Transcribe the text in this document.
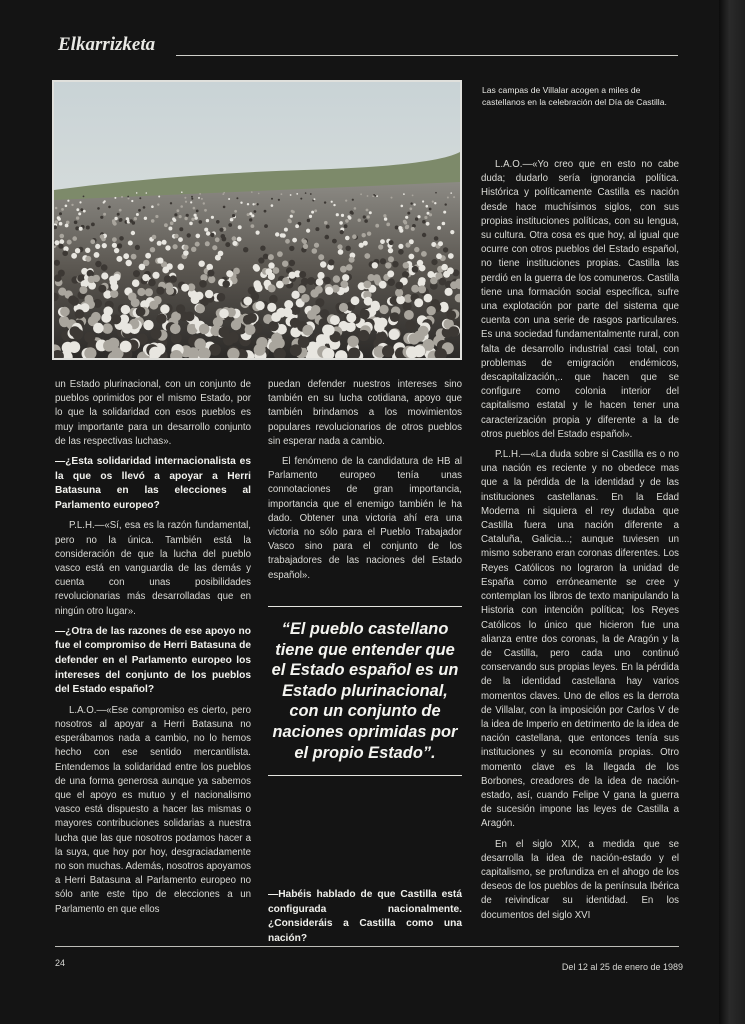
Elkarrizketa
Las campas de Villalar acogen a miles de castellanos en la celebración del Día de Castilla.

un Estado plurinacional, con un conjunto de pueblos oprimidos por el mismo Estado, por lo que la solidaridad con esos pueblos es muy importante para un desarrollo conjunto de las respectivas luchas».

—¿Esta solidaridad internacionalista es la que os llevó a apoyar a Herri Batasuna en las elecciones al Parlamento europeo?

P.L.H.—«Sí, esa es la razón fundamental, pero no la única. También está la consideración de que la lucha del pueblo vasco está en vanguardia de las demás y cuenta con unas posibilidades revolucionarias más desarrolladas que en ningún otro lugar».

—¿Otra de las razones de ese apoyo no fue el compromiso de Herri Batasuna de defender en el Parlamento europeo los intereses del conjunto de los pueblos del Estado español?

L.A.O.—«Ese compromiso es cierto, pero nosotros al apoyar a Herri Batasuna no esperábamos nada a cambio, no lo hemos hecho con ese sentido mercantilista. Entendemos la solidaridad entre los pueblos de una forma generosa aunque ya sabemos que el apoyo es mutuo y el nacionalismo vasco está dispuesto a hacer las mismas o mayores contribuciones solidarias a nuestra lucha que las que nosotros podamos hacer a la suya, que hoy por hoy, desgraciadamente no son muchas. Además, nosotros apoyamos a Herri Batasuna al Parlamento europeo no sólo ante este tipo de elecciones a un Parlamento en que ellos

puedan defender nuestros intereses sino también en su lucha cotidiana, apoyo que también brindamos a los movimientos populares revolucionarios de otros pueblos sin esperar nada a cambio.

El fenómeno de la candidatura de HB al Parlamento europeo tenía unas connotaciones de gran importancia, importancia que el enemigo también le ha dado. Obtener una victoria ahí era una victoria no sólo para el Pueblo Trabajador Vasco sino para el conjunto de los trabajadores de las naciones del Estado español».

“El pueblo castellano tiene que entender que el Estado español es un Estado plurinacional, con un conjunto de naciones oprimidas por el propio Estado”.
—Habéis hablado de que Castilla está configurada nacionalmente. ¿Consideráis a Castilla como una nación?

L.A.O.—«Yo creo que en esto no cabe duda; dudarlo sería ignorancia política. Histórica y políticamente Castilla es nación desde hace muchísimos siglos, con sus propias instituciones políticas, con su lengua, su cultura. Otra cosa es que hoy, al igual que ocurre con otros pueblos del Estado español, no tiene instituciones propias. Castilla las perdió en la guerra de los comuneros. Castilla tiene una formación social específica, sufre una explotación por parte del sistema que cuenta con una serie de rasgos particulares. Es una sociedad fundamentalmente rural, con falta de desarrollo industrial casi total, con problemas de emigración endémicos, descapitalización,.. que hacen que se configure como colonia interior del capitalismo estatal y le hacen tener una caracterización propia y diferente a la de otros pueblos del Estado español».

P.L.H.—«La duda sobre si Castilla es o no una nación es reciente y no obedece mas que a la pérdida de la identidad y de las instituciones castellanas. En la Edad Moderna ni siquiera el rey dudaba que Castilla fuera una nación diferente a Cataluña, Galicia...; aunque tuviesen un mismo soberano eran coronas diferentes. Los Reyes Católicos no lograron la unidad de España como erróneamente se cree y contemplan los libros de texto manipulando la Historia con intención política; los Reyes Católicos lo único que hicieron fue una alianza entre dos coronas, la de Aragón y la de Castilla, pero cada uno continuó conservando sus propias leyes. En la pérdida de la identidad castellana hay varios momentos claves. Uno de ellos es la derrota de Villalar, con la imposición por Carlos V de la idea de Imperio en detrimento de la idea de nación castellana, que entonces tenía sus instituciones y su economía propias. Otro momento clave es la llegada de los Borbones, creadores de la idea de nación-estado, así, cuando Felipe V gana la guerra de sucesión impone las leyes de Castilla a Aragón.

En el siglo XIX, a medida que se desarrolla la idea de nación-estado y el capitalismo, se profundiza en el ahogo de los deseos de los pueblos de la península Ibérica de reivindicar su identidad. En los documentos del siglo XVI

24	Del 12 al 25 de enero de 1989
